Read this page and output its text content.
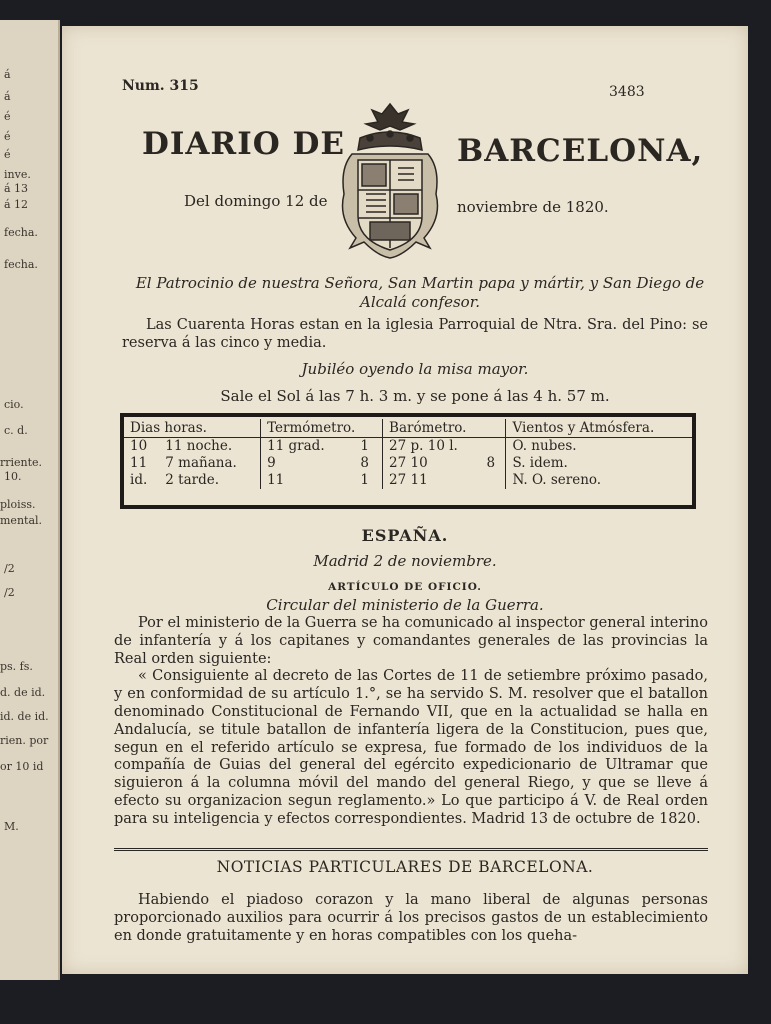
á
á
é
é
é
inve.
á 13
á 12
fecha.
fecha.
cio.
c. d.
rriente.
10.
ploiss.
mental.
/2
/2
ps. fs.
d. de id.
id. de id.
rien. por
or 10 id
M.
Num. 315	3483
DIARIO DE	BARCELONA,
Del domingo 12 de	noviembre de 1820.
El Patrocinio de nuestra Señora, San Martin papa y mártir, y San Diego de Alcalá confesor.
Las Cuarenta Horas estan en la iglesia Parroquial de Ntra. Sra. del Pino: se reserva á las cinco y media.
Jubiléo oyendo la misa mayor.
Sale el Sol á las 7 h. 3 m. y se pone á las 4 h. 57 m.
Dias horas.		Termómetro.		Barómetro.		Vientos y Atmósfera.
10	11 noche.	11 grad.	1	27 p. 10 l.		O. nubes.
11	7 mañana.	9	8	27 10	8	S. idem.
id.	2 tarde.	11	1	27 11		N. O. sereno.
ESPAÑA.
Madrid 2 de noviembre.
ARTÍCULO DE OFICIO.
Circular del ministerio de la Guerra.

Por el ministerio de la Guerra se ha comunicado al inspector general interino de infantería y á los capitanes y comandantes generales de las provincias la Real orden siguiente:

« Consiguiente al decreto de las Cortes de 11 de setiembre próximo pasado, y en conformidad de su artículo 1.°, se ha servido S. M. resolver que el batallon denominado Constitucional de Fernando VII, que en la actualidad se halla en Andalucía, se titule batallon de infantería ligera de la Constitucion, pues que, segun en el referido artículo se expresa, fue formado de los individuos de la compañía de Guias del general del egército expedicionario de Ultramar que siguieron á la columna móvil del mando del general Riego, y que se lleve á efecto su organizacion segun reglamento.» Lo que participo á V. de Real orden para su inteligencia y efectos correspondientes. Madrid 13 de octubre de 1820.

NOTICIAS PARTICULARES DE BARCELONA.

Habiendo el piadoso corazon y la mano liberal de algunas personas proporcionado auxilios para ocurrir á los precisos gastos de un establecimiento en donde gratuitamente y en horas compatibles con los queha-
